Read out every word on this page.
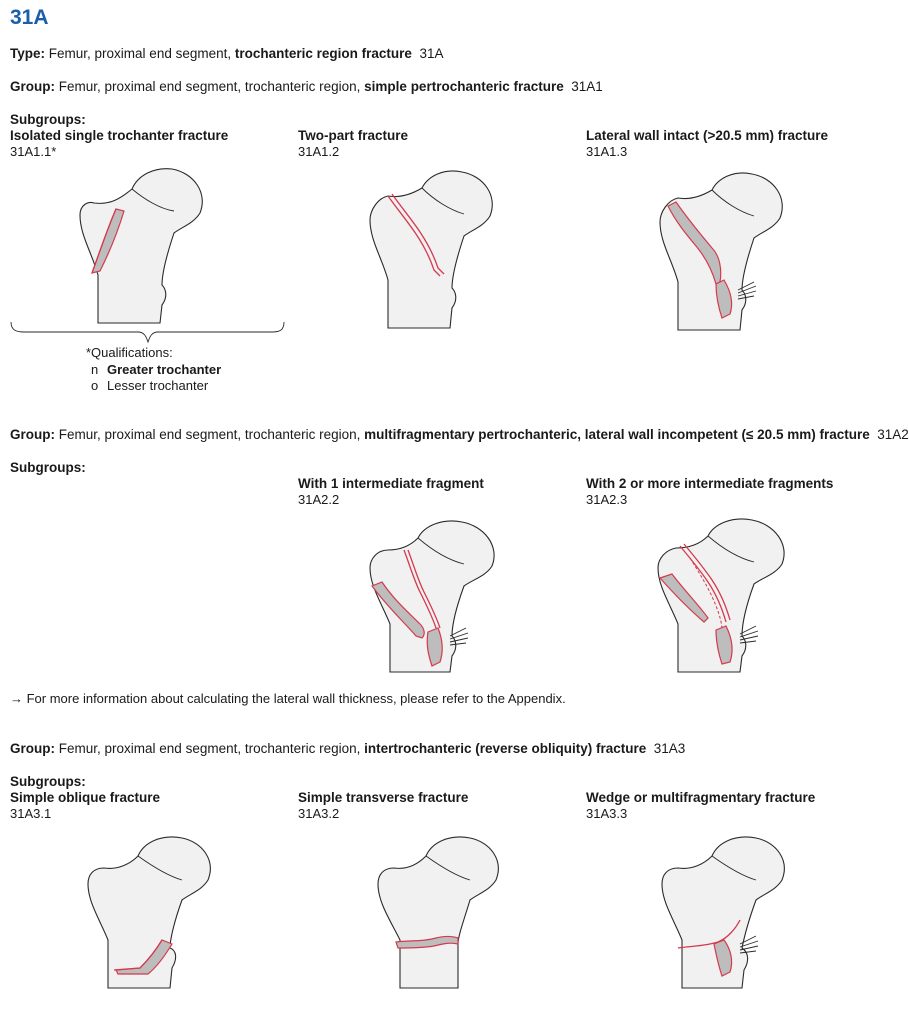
31A
Type: Femur, proximal end segment, trochanteric region fracture 31A
Group: Femur, proximal end segment, trochanteric region, simple pertrochanteric fracture 31A1
Subgroups:
Isolated single trochanter fracture
31A1.1*
Two-part fracture
31A1.2
Lateral wall intact (>20.5 mm) fracture
31A1.3
*Qualifications:
n Greater trochanter
o Lesser trochanter
Group: Femur, proximal end segment, trochanteric region, multifragmentary pertrochanteric, lateral wall incompetent (≤ 20.5 mm) fracture 31A2
Subgroups:
With 1 intermediate fragment
31A2.2
With 2 or more intermediate fragments
31A2.3
→ For more information about calculating the lateral wall thickness, please refer to the Appendix.
Group: Femur, proximal end segment, trochanteric region, intertrochanteric (reverse obliquity) fracture 31A3
Subgroups:
Simple oblique fracture
31A3.1
Simple transverse fracture
31A3.2
Wedge or multifragmentary fracture
31A3.3
